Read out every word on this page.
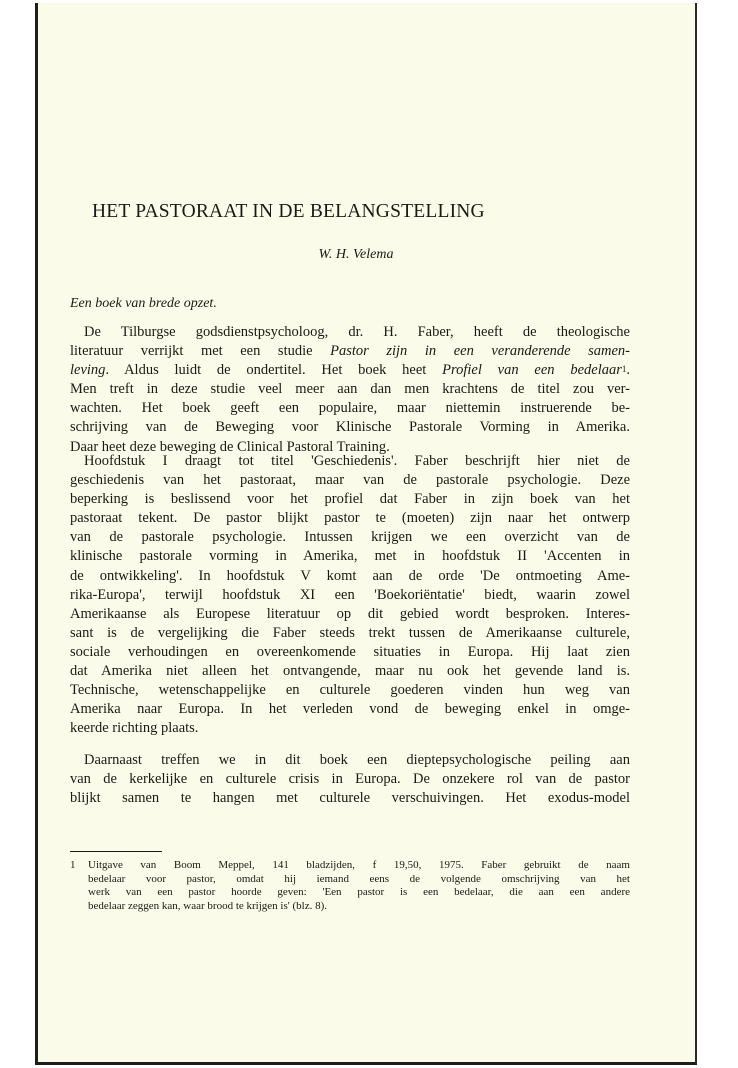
HET PASTORAAT IN DE BELANGSTELLING

W. H. Velema

Een boek van brede opzet.

De Tilburgse godsdienstpsycholoog, dr. H. Faber, heeft de theologische
literatuur verrijkt met een studie Pastor zijn in een veranderende samen-
leving. Aldus luidt de ondertitel. Het boek heet Profiel van een bedelaar$^1$.
Men treft in deze studie veel meer aan dan men krachtens de titel zou ver-
wachten. Het boek geeft een populaire, maar niettemin instruerende be-
schrijving van de Beweging voor Klinische Pastorale Vorming in Amerika.
Daar heet deze beweging de Clinical Pastoral Training.
Hoofdstuk I draagt tot titel 'Geschiedenis'. Faber beschrijft hier niet de
geschiedenis van het pastoraat, maar van de pastorale psychologie. Deze
beperking is beslissend voor het profiel dat Faber in zijn boek van het
pastoraat tekent. De pastor blijkt pastor te (moeten) zijn naar het ontwerp
van de pastorale psychologie. Intussen krijgen we een overzicht van de
klinische pastorale vorming in Amerika, met in hoofdstuk II 'Accenten in
de ontwikkeling'. In hoofdstuk V komt aan de orde 'De ontmoeting Ame-
rika-Europa', terwijl hoofdstuk XI een 'Boekoriëntatie' biedt, waarin zowel
Amerikaanse als Europese literatuur op dit gebied wordt besproken. Interes-
sant is de vergelijking die Faber steeds trekt tussen de Amerikaanse culturele,
sociale verhoudingen en overeenkomende situaties in Europa. Hij laat zien
dat Amerika niet alleen het ontvangende, maar nu ook het gevende land is.
Technische, wetenschappelijke en culturele goederen vinden hun weg van
Amerika naar Europa. In het verleden vond de beweging enkel in omge-
keerde richting plaats.
Daarnaast treffen we in dit boek een dieptepsychologische peiling aan
van de kerkelijke en culturele crisis in Europa. De onzekere rol van de pastor
blijkt samen te hangen met culturele verschuivingen. Het exodus-model
1	Uitgave van Boom Meppel, 141 bladzijden, f 19,50, 1975. Faber gebruikt de naam
bedelaar voor pastor, omdat hij iemand eens de volgende omschrijving van het
werk van een pastor hoorde geven: 'Een pastor is een bedelaar, die aan een andere
bedelaar zeggen kan, waar brood te krijgen is' (blz. 8).
